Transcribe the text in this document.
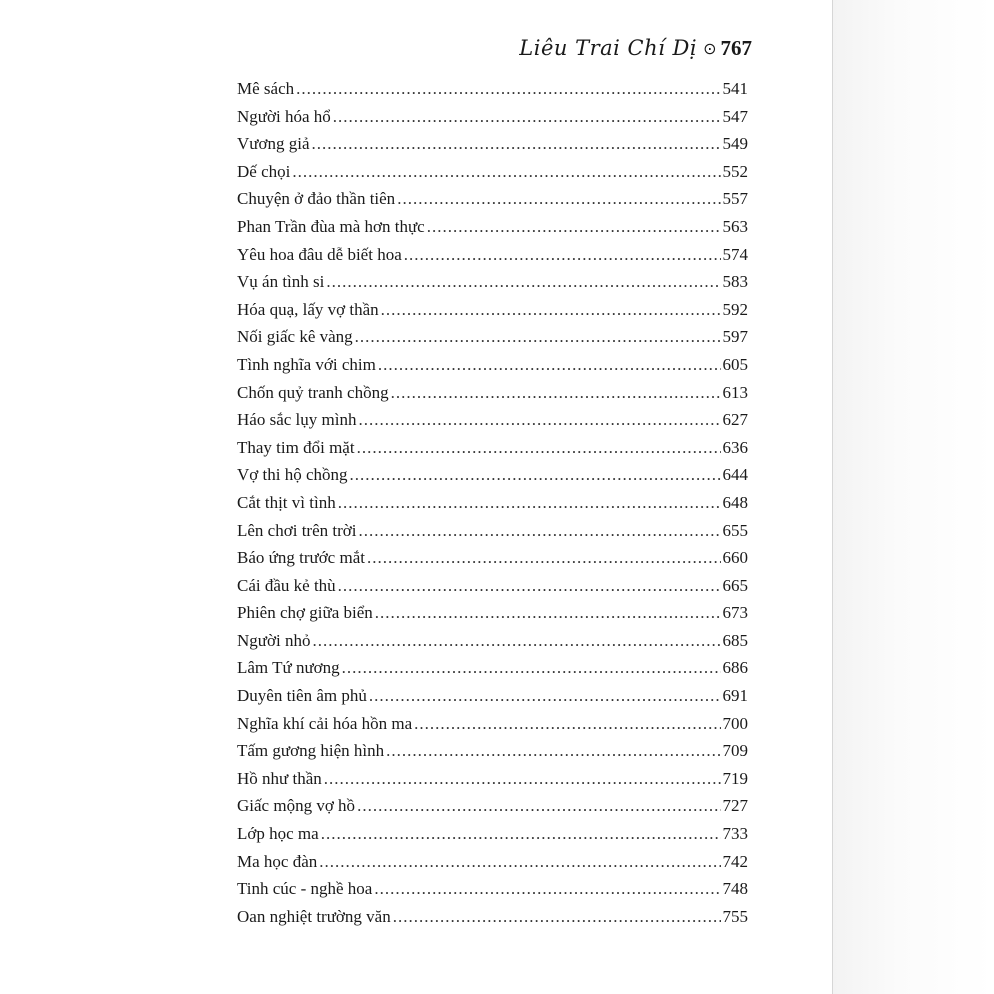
Liêu Trai Chí Dị ⊙ 767
Mê sách .....	541
Người hóa hổ .....	547
Vương giả .....	549
Dế chọi .....	552
Chuyện ở đảo thần tiên .....	557
Phan Trần đùa mà hơn thực .....	563
Yêu hoa đâu dễ biết hoa .....	574
Vụ án tình si .....	583
Hóa quạ, lấy vợ thần .....	592
Nối giấc kê vàng .....	597
Tình nghĩa với chim .....	605
Chốn quỷ tranh chồng .....	613
Háo sắc lụy mình .....	627
Thay tim đổi mặt .....	636
Vợ thi hộ chồng .....	644
Cắt thịt vì tình .....	648
Lên chơi trên trời .....	655
Báo ứng trước mắt .....	660
Cái đầu kẻ thù .....	665
Phiên chợ giữa biển .....	673
Người nhỏ .....	685
Lâm Tứ nương .....	686
Duyên tiên âm phủ .....	691
Nghĩa khí cải hóa hồn ma .....	700
Tấm gương hiện hình .....	709
Hồ như thần .....	719
Giấc mộng vợ hồ .....	727
Lớp học ma .....	733
Ma học đàn .....	742
Tinh cúc - nghề hoa .....	748
Oan nghiệt trường văn .....	755
